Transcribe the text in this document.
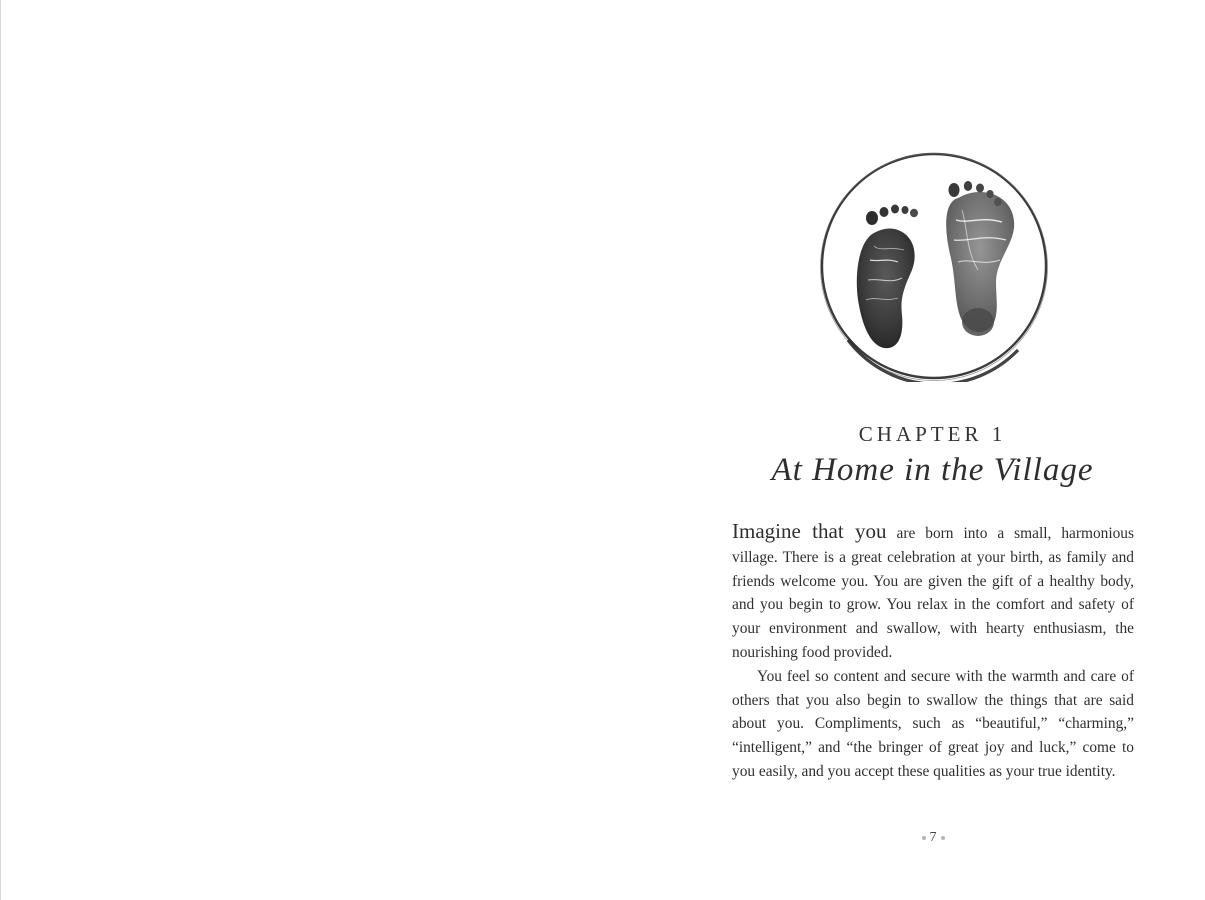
CHAPTER 1
At Home in the Village

Imagine that you are born into a small, harmonious village. There is a great celebration at your birth, as family and friends welcome you. You are given the gift of a healthy body, and you begin to grow. You relax in the comfort and safety of your environment and swallow, with hearty enthusiasm, the nourishing food provided.

You feel so content and secure with the warmth and care of others that you also begin to swallow the things that are said about you. Compliments, such as “beautiful,” “charming,” “intelligent,” and “the bringer of great joy and luck,” come to you easily, and you accept these qualities as your true identity.

7
